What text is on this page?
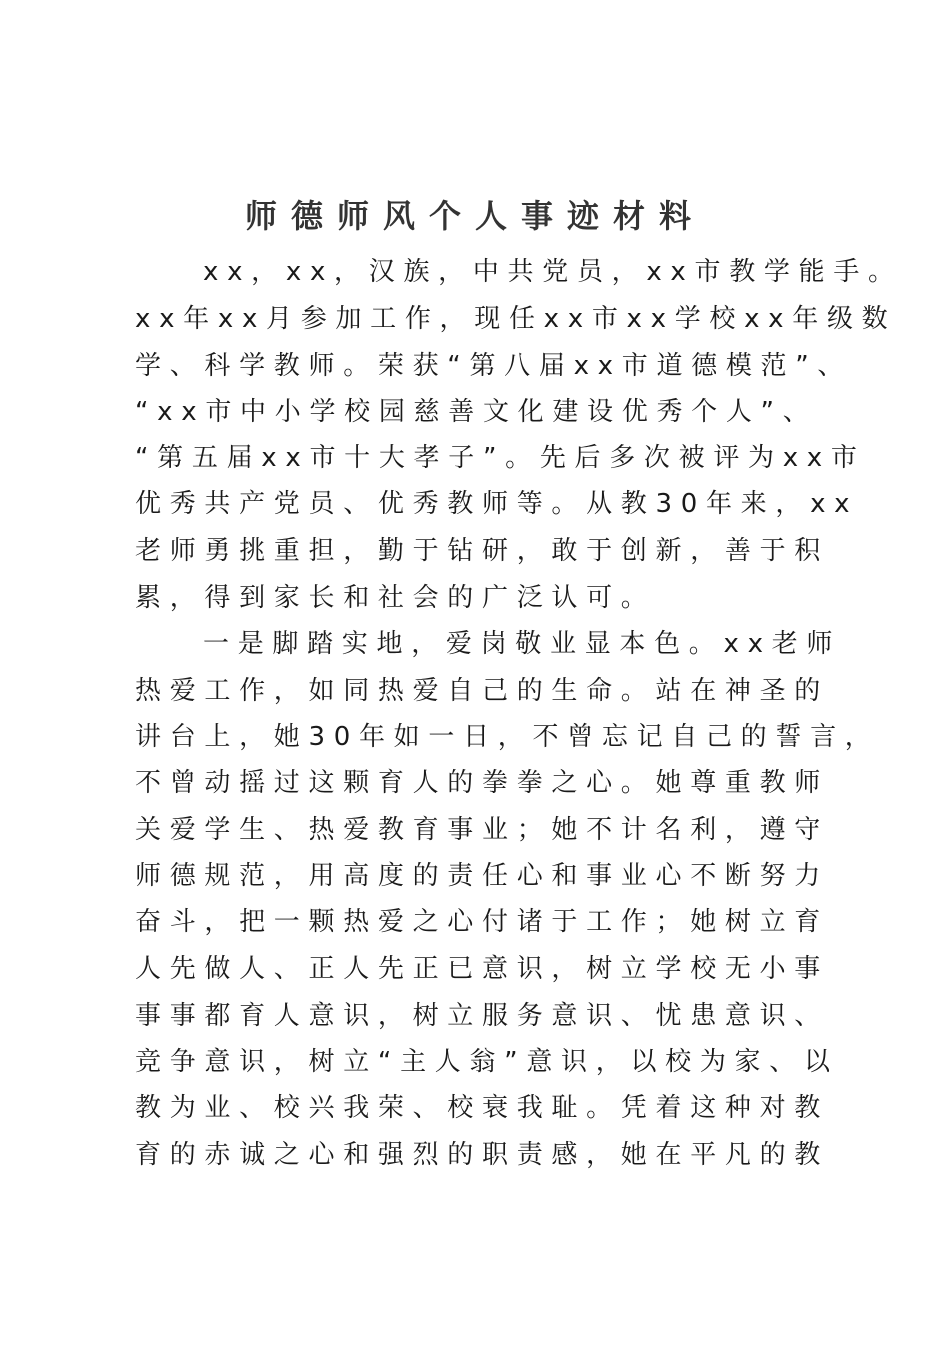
师德师风个人事迹材料
xx，xx，汉族，中共党员，xx市教学能手。
xx年xx月参加工作，现任xx市xx学校xx年级数
学、科学教师。荣获“第八届xx市道德模范”、
“xx市中小学校园慈善文化建设优秀个人”、
“第五届xx市十大孝子”。先后多次被评为xx市
优秀共产党员、优秀教师等。从教30年来，xx
老师勇挑重担，勤于钻研，敢于创新，善于积
累，得到家长和社会的广泛认可。
一是脚踏实地，爱岗敬业显本色。xx老师
热爱工作，如同热爱自己的生命。站在神圣的
讲台上，她30年如一日，不曾忘记自己的誓言，
不曾动摇过这颗育人的拳拳之心。她尊重教师
关爱学生、热爱教育事业；她不计名利，遵守
师德规范，用高度的责任心和事业心不断努力
奋斗，把一颗热爱之心付诸于工作；她树立育
人先做人、正人先正已意识，树立学校无小事
事事都育人意识，树立服务意识、忧患意识、
竞争意识，树立“主人翁”意识，以校为家、以
教为业、校兴我荣、校衰我耻。凭着这种对教
育的赤诚之心和强烈的职责感，她在平凡的教
